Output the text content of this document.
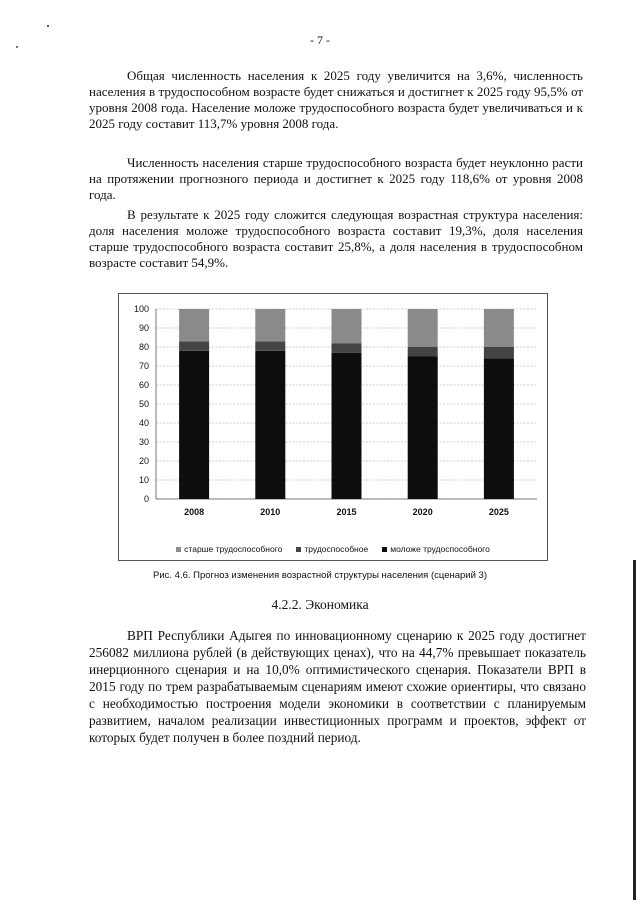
- 7 -

Общая численность населения к 2025 году увеличится на 3,6%, численность населения в трудоспособном возрасте будет снижаться и достигнет к 2025 году 95,5% от уровня 2008 года. Население моложе трудоспособного возраста будет увеличиваться и к 2025 году составит 113,7% уровня 2008 года.

Численность населения старше трудоспособного возраста будет неуклонно расти на протяжении прогнозного периода и достигнет к 2025 году 118,6% от уровня 2008 года.

В результате к 2025 году сложится следующая возрастная структура населения: доля населения моложе трудоспособного возраста составит 19,3%, доля населения старше трудоспособного возраста составит 25,8%, а доля населения в трудоспособном возрасте составит 54,9%.

0
10
20
30
40
50
60
70
80
90
100
2008	2010	2015	2020	2025
старше трудоспособного	трудоспособное	моложе трудоспособного
Рис. 4.6. Прогноз изменения возрастной структуры населения (сценарий 3)
4.2.2. Экономика

ВРП Республики Адыгея по инновационному сценарию к 2025 году достигнет 256082 миллиона рублей (в действующих ценах), что на 44,7% превышает показатель инерционного сценария и на 10,0% оптимистического сценария. Показатели ВРП в 2015 году по трем разрабатываемым сценариям имеют схожие ориентиры, что связано с необходимостью построения модели экономики в соответствии с планируемым развитием, началом реализации инвестиционных программ и проектов, эффект от которых будет получен в более поздний период.
